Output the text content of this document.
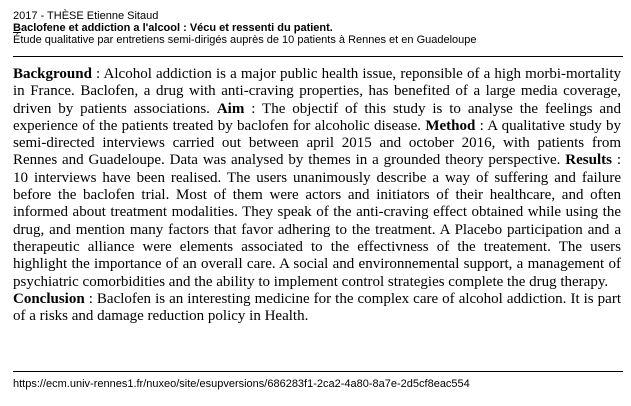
2017 - THÈSE Etienne Sitaud
Baclofene et addiction a l'alcool : Vécu et ressenti du patient.
Étude qualitative par entretiens semi-dirigés auprès de 10 patients à Rennes et en Guadeloupe
Background : Alcohol addiction is a major public health issue, reponsible of a high morbi-mortality in France. Baclofen, a drug with anti-craving properties, has benefited of a large media coverage, driven by patients associations. Aim : The objectif of this study is to analyse the feelings and experience of the patients treated by baclofen for alcoholic disease. Method : A qualitative study by semi-directed interviews carried out between april 2015 and october 2016, with patients from Rennes and Guadeloupe. Data was analysed by themes in a grounded theory perspective. Results : 10 interviews have been realised. The users unanimously describe a way of suffering and failure before the baclofen trial. Most of them were actors and initiators of their healthcare, and often informed about treatment modalities. They speak of the anti-craving effect obtained while using the drug, and mention many factors that favor adhering to the treatment. A Placebo participation and a therapeutic alliance were elements associated to the effectivness of the treatement. The users highlight the importance of an overall care. A social and environnemental support, a management of psychiatric comorbidities and the ability to implement control strategies complete the drug therapy.
Conclusion : Baclofen is an interesting medicine for the complex care of alcohol addiction. It is part of a risks and damage reduction policy in Health.
https://ecm.univ-rennes1.fr/nuxeo/site/esupversions/686283f1-2ca2-4a80-8a7e-2d5cf8eac554
